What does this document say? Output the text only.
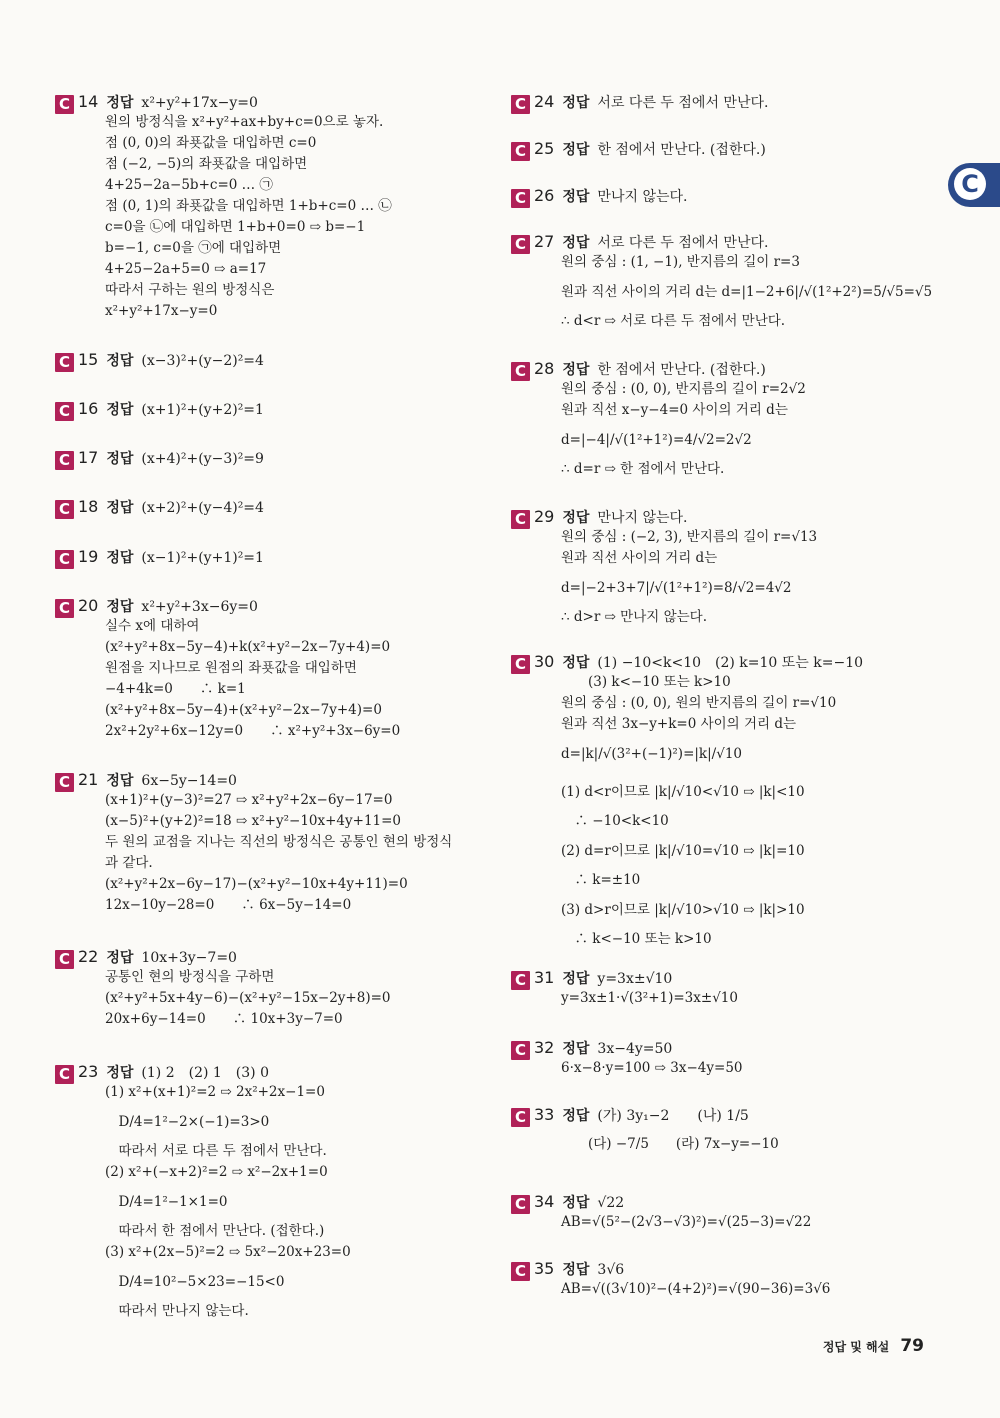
C 14 정답 x²+y²+17x−y=0
원의 방정식을 x²+y²+ax+by+c=0으로 놓자.
점 (0, 0)의 좌푯값을 대입하면 c=0
점 (−2, −5)의 좌푯값을 대입하면
4+25−2a−5b+c=0 … ㉠
점 (0, 1)의 좌푯값을 대입하면 1+b+c=0 … ㉡
c=0을 ㉡에 대입하면 1+b+0=0 ⇨ b=−1
b=−1, c=0을 ㉠에 대입하면
4+25−2a+5=0 ⇨ a=17
따라서 구하는 원의 방정식은
x²+y²+17x−y=0
C 15 정답 (x−3)²+(y−2)²=4
C 16 정답 (x+1)²+(y+2)²=1
C 17 정답 (x+4)²+(y−3)²=9
C 18 정답 (x+2)²+(y−4)²=4
C 19 정답 (x−1)²+(y+1)²=1
C 20 정답 x²+y²+3x−6y=0
실수 x에 대하여
(x²+y²+8x−5y−4)+k(x²+y²−2x−7y+4)=0
원점을 지나므로 원점의 좌푯값을 대입하면
−4+4k=0　　∴ k=1
(x²+y²+8x−5y−4)+(x²+y²−2x−7y+4)=0
2x²+2y²+6x−12y=0　　∴ x²+y²+3x−6y=0
C 21 정답 6x−5y−14=0
(x+1)²+(y−3)²=27 ⇨ x²+y²+2x−6y−17=0
(x−5)²+(y+2)²=18 ⇨ x²+y²−10x+4y+11=0
두 원의 교점을 지나는 직선의 방정식은 공통인 현의 방정식
과 같다.
(x²+y²+2x−6y−17)−(x²+y²−10x+4y+11)=0
12x−10y−28=0　　∴ 6x−5y−14=0
C 22 정답 10x+3y−7=0
공통인 현의 방정식을 구하면
(x²+y²+5x+4y−6)−(x²+y²−15x−2y+8)=0
20x+6y−14=0　　∴ 10x+3y−7=0
C 23 정답 (1) 2　(2) 1　(3) 0
(1) x²+(x+1)²=2 ⇨ 2x²+2x−1=0
　D/4=1²−2×(−1)=3>0
　따라서 서로 다른 두 점에서 만난다.
(2) x²+(−x+2)²=2 ⇨ x²−2x+1=0
　D/4=1²−1×1=0
　따라서 한 점에서 만난다. (접한다.)
(3) x²+(2x−5)²=2 ⇨ 5x²−20x+23=0
　D/4=10²−5×23=−15<0
　따라서 만나지 않는다.
C 24 정답 서로 다른 두 점에서 만난다.
C 25 정답 한 점에서 만난다. (접한다.)
C 26 정답 만나지 않는다.
C 27 정답 서로 다른 두 점에서 만난다.
원의 중심 : (1, −1), 반지름의 길이 r=3
원과 직선 사이의 거리 d는 d=|1−2+6|/√(1²+2²)=5/√5=√5
∴ d<r ⇨ 서로 다른 두 점에서 만난다.
C 28 정답 한 점에서 만난다. (접한다.)
원의 중심 : (0, 0), 반지름의 길이 r=2√2
원과 직선 x−y−4=0 사이의 거리 d는
d=|−4|/√(1²+1²)=4/√2=2√2
∴ d=r ⇨ 한 점에서 만난다.
C 29 정답 만나지 않는다.
원의 중심 : (−2, 3), 반지름의 길이 r=√13
원과 직선 사이의 거리 d는
d=|−2+3+7|/√(1²+1²)=8/√2=4√2
∴ d>r ⇨ 만나지 않는다.
C 30 정답 (1) −10<k<10　(2) k=10 또는 k=−10
　　(3) k<−10 또는 k>10
원의 중심 : (0, 0), 원의 반지름의 길이 r=√10
원과 직선 3x−y+k=0 사이의 거리 d는
d=|k|/√(3²+(−1)²)=|k|/√10
(1) d<r이므로 |k|/√10<√10 ⇨ |k|<10
　∴ −10<k<10
(2) d=r이므로 |k|/√10=√10 ⇨ |k|=10
　∴ k=±10
(3) d>r이므로 |k|/√10>√10 ⇨ |k|>10
　∴ k<−10 또는 k>10
C 31 정답 y=3x±√10
y=3x±1·√(3²+1)=3x±√10
C 32 정답 3x−4y=50
6·x−8·y=100 ⇨ 3x−4y=50
C 33 정답 (가) 3y₁−2　　(나) 1/5
　　(다) −7/5　　(라) 7x−y=−10
C 34 정답 √22
AB=√(5²−(2√3−√3)²)=√(25−3)=√22
C 35 정답 3√6
AB=√((3√10)²−(4+2)²)=√(90−36)=3√6
C
정답 및 해설 79
